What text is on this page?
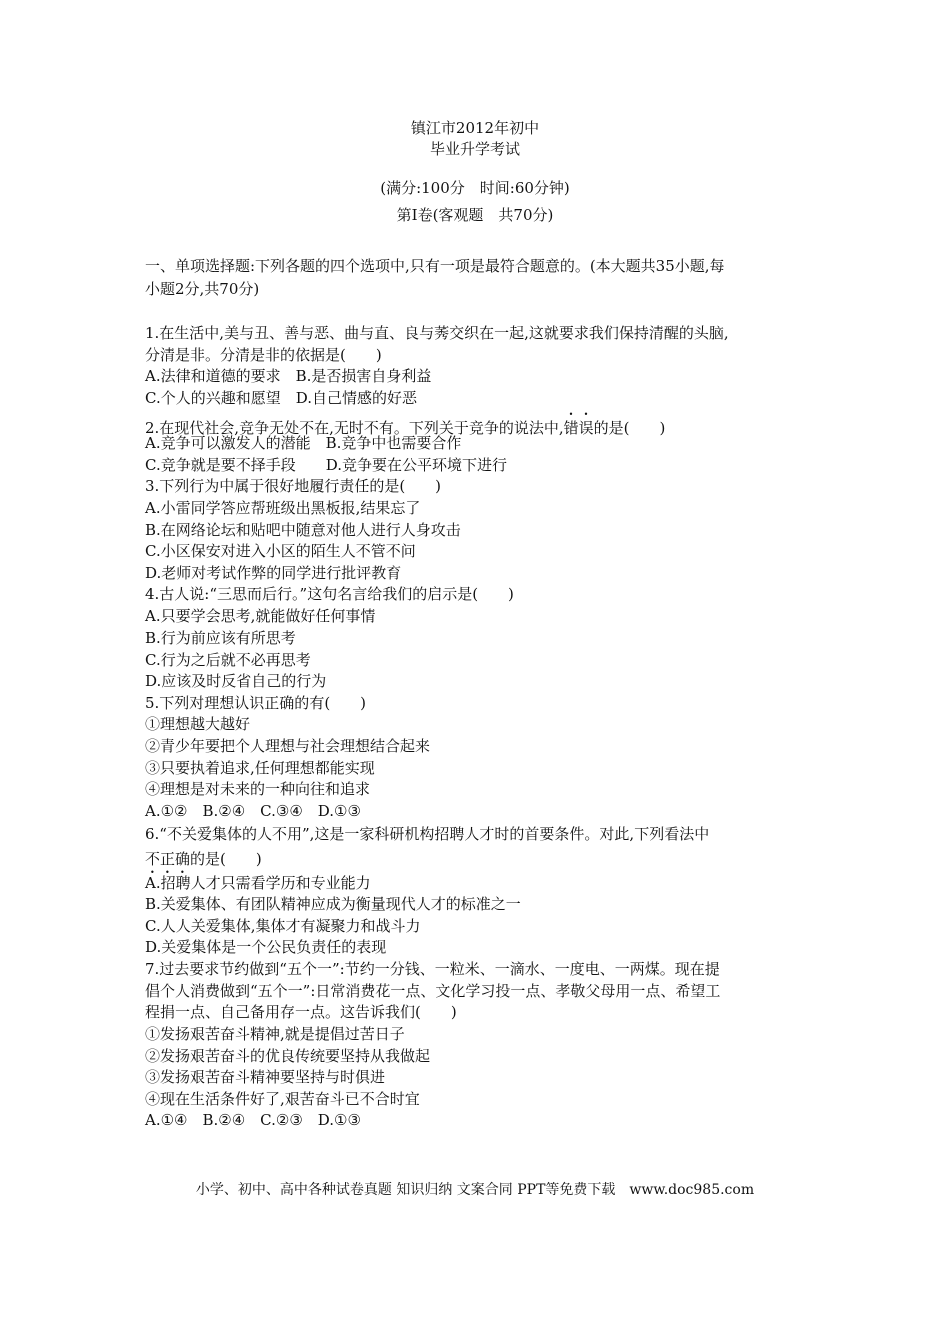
镇江市2012年初中
毕业升学考试
(满分:100分　时间:60分钟)
第Ⅰ卷(客观题　共70分)
一、单项选择题:下列各题的四个选项中,只有一项是最符合题意的。(本大题共35小题,每
小题2分,共70分)
1.在生活中,美与丑、善与恶、曲与直、良与莠交织在一起,这就要求我们保持清醒的头脑,
分清是非。分清是非的依据是(　　)
A.法律和道德的要求　B.是否损害自身利益
C.个人的兴趣和愿望　D.自己情感的好恶
2.在现代社会,竞争无处不在,无时不有。下列关于竞争的说法中,错误的是(　　)
A.竞争可以激发人的潜能　B.竞争中也需要合作
C.竞争就是要不择手段　　D.竞争要在公平环境下进行
3.下列行为中属于很好地履行责任的是(　　)
A.小雷同学答应帮班级出黑板报,结果忘了
B.在网络论坛和贴吧中随意对他人进行人身攻击
C.小区保安对进入小区的陌生人不管不问
D.老师对考试作弊的同学进行批评教育
4.古人说:“三思而后行。”这句名言给我们的启示是(　　)
A.只要学会思考,就能做好任何事情
B.行为前应该有所思考
C.行为之后就不必再思考
D.应该及时反省自己的行为
5.下列对理想认识正确的有(　　)
①理想越大越好
②青少年要把个人理想与社会理想结合起来
③只要执着追求,任何理想都能实现
④理想是对未来的一种向往和追求
A.①②　B.②④　C.③④　D.①③
6.“不关爱集体的人不用”,这是一家科研机构招聘人才时的首要条件。对此,下列看法中
不正确的是(　　)
A.招聘人才只需看学历和专业能力
B.关爱集体、有团队精神应成为衡量现代人才的标准之一
C.人人关爱集体,集体才有凝聚力和战斗力
D.关爱集体是一个公民负责任的表现
7.过去要求节约做到“五个一”:节约一分钱、一粒米、一滴水、一度电、一两煤。现在提
倡个人消费做到“五个一”:日常消费花一点、文化学习投一点、孝敬父母用一点、希望工
程捐一点、自己备用存一点。这告诉我们(　　)
①发扬艰苦奋斗精神,就是提倡过苦日子
②发扬艰苦奋斗的优良传统要坚持从我做起
③发扬艰苦奋斗精神要坚持与时俱进
④现在生活条件好了,艰苦奋斗已不合时宜
A.①④　B.②④　C.②③　D.①③
小学、初中、高中各种试卷真题 知识归纳 文案合同 PPT等免费下载　www.doc985.com
